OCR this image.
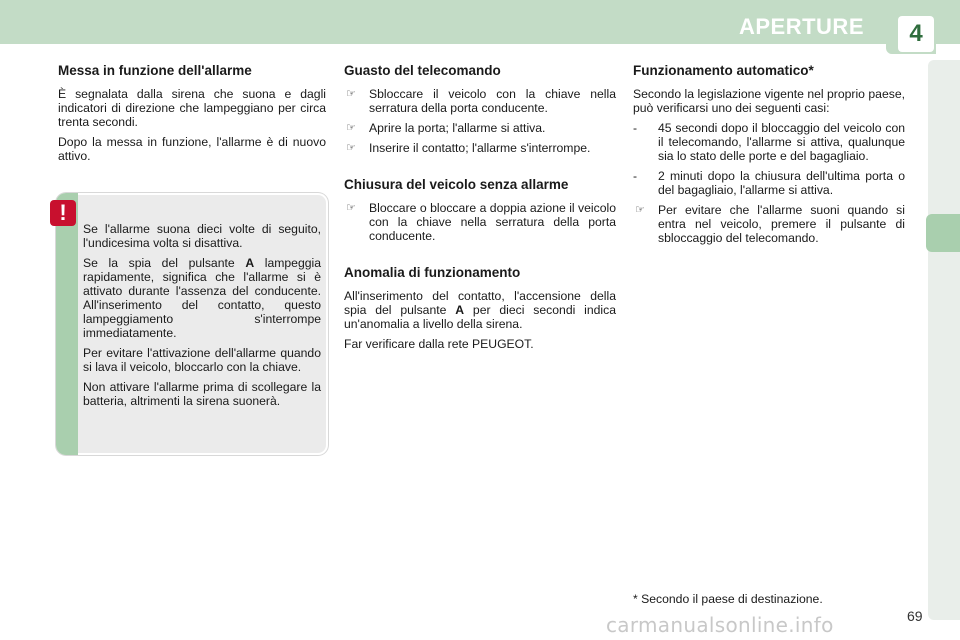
APERTURE	4
Messa in funzione dell'allarme

È segnalata dalla sirena che suona e dagli indicatori di direzione che lampeggiano per circa trenta secondi.

Dopo la messa in funzione, l'allarme è di nuovo attivo.

!

Se l'allarme suona dieci volte di seguito, l'undicesima volta si disattiva.

Se la spia del pulsante A lampeggia rapidamente, significa che l'allarme si è attivato durante l'assenza del conducente. All'inserimento del contatto, questo lampeggiamento s'interrompe immediatamente.

Per evitare l'attivazione dell'allarme quando si lava il veicolo, bloccarlo con la chiave.

Non attivare l'allarme prima di scollegare la batteria, altrimenti la sirena suonerà.

Guasto del telecomando
☞	Sbloccare il veicolo con la chiave nella serratura della porta conducente.
☞	Aprire la porta; l'allarme si attiva.
☞	Inserire il contatto; l'allarme s'interrompe.
Chiusura del veicolo senza allarme
☞	Bloccare o bloccare a doppia azione il veicolo con la chiave nella serratura della porta conducente.
Anomalia di funzionamento

All'inserimento del contatto, l'accensione della spia del pulsante A per dieci secondi indica un'anomalia a livello della sirena.

Far verificare dalla rete PEUGEOT.

Funzionamento automatico*

Secondo la legislazione vigente nel proprio paese, può verificarsi uno dei seguenti casi:

- 45 secondi dopo il bloccaggio del veicolo con il telecomando, l'allarme si attiva, qualunque sia lo stato delle porte e del bagagliaio.
- 2 minuti dopo la chiusura dell'ultima porta o del bagagliaio, l'allarme si attiva.
☞	Per evitare che l'allarme suoni quando si entra nel veicolo, premere il pulsante di sbloccaggio del telecomando.
* Secondo il paese di destinazione.
carmanualsonline.info	69
